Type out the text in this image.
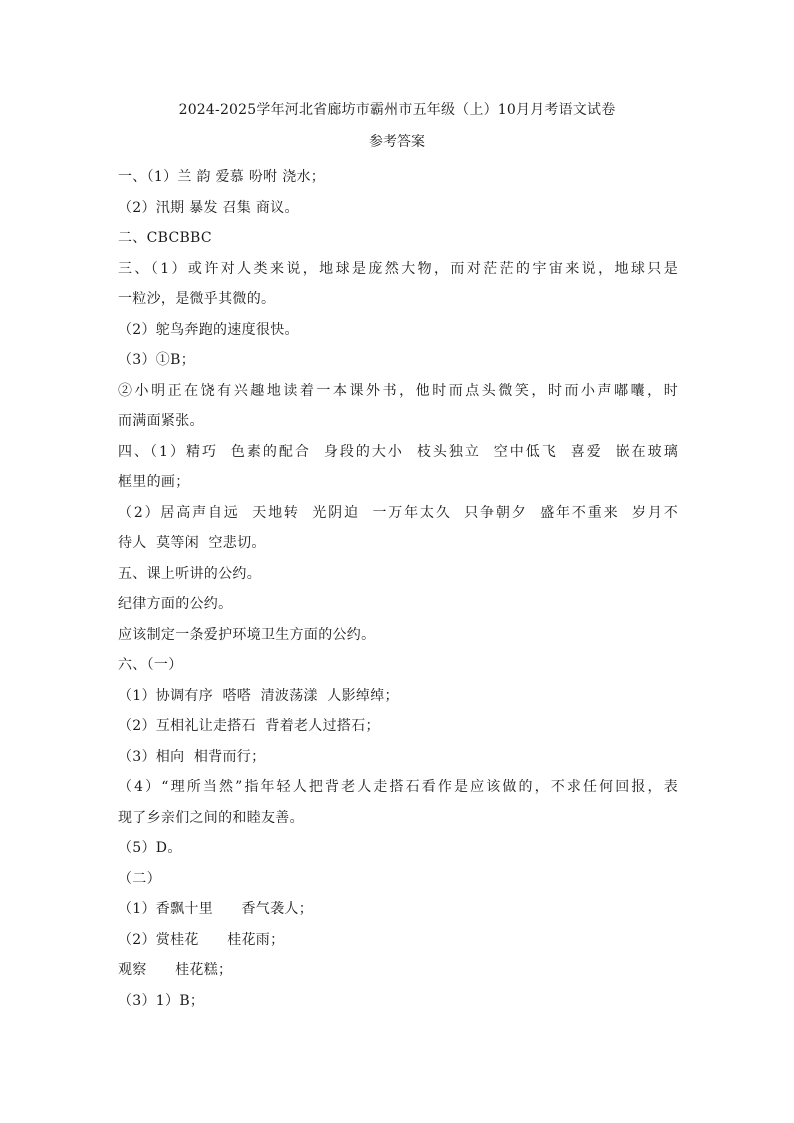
2024-2025学年河北省廊坊市霸州市五年级（上）10月月考语文试卷
参考答案
一、（1）兰 韵 爱慕 吩咐 浇水；
（2）汛期 暴发 召集 商议。
二、CBCBBC
三、（1）或许对人类来说，地球是庞然大物，而对茫茫的宇宙来说，地球只是
一粒沙，是微乎其微的。
（2）鸵鸟奔跑的速度很快。
（3）①B；
②小明正在饶有兴趣地读着一本课外书，他时而点头微笑，时而小声嘟囔，时
而满面紧张。
四、（1）精巧  色素的配合  身段的大小  枝头独立  空中低飞  喜爱  嵌在玻璃
框里的画；
（2）居高声自远  天地转  光阴迫  一万年太久  只争朝夕  盛年不重来  岁月不
待人  莫等闲  空悲切。
五、课上听讲的公约。
纪律方面的公约。
应该制定一条爱护环境卫生方面的公约。
六、（一）
（1）协调有序  嗒嗒  清波荡漾  人影绰绰；
（2）互相礼让走搭石  背着老人过搭石；
（3）相向  相背而行；
（4）“理所当然”指年轻人把背老人走搭石看作是应该做的，不求任何回报，表
现了乡亲们之间的和睦友善。
（5）D。
（二）
（1）香飘十里      香气袭人；
（2）赏桂花      桂花雨；
观察      桂花糕；
（3）1）B；
